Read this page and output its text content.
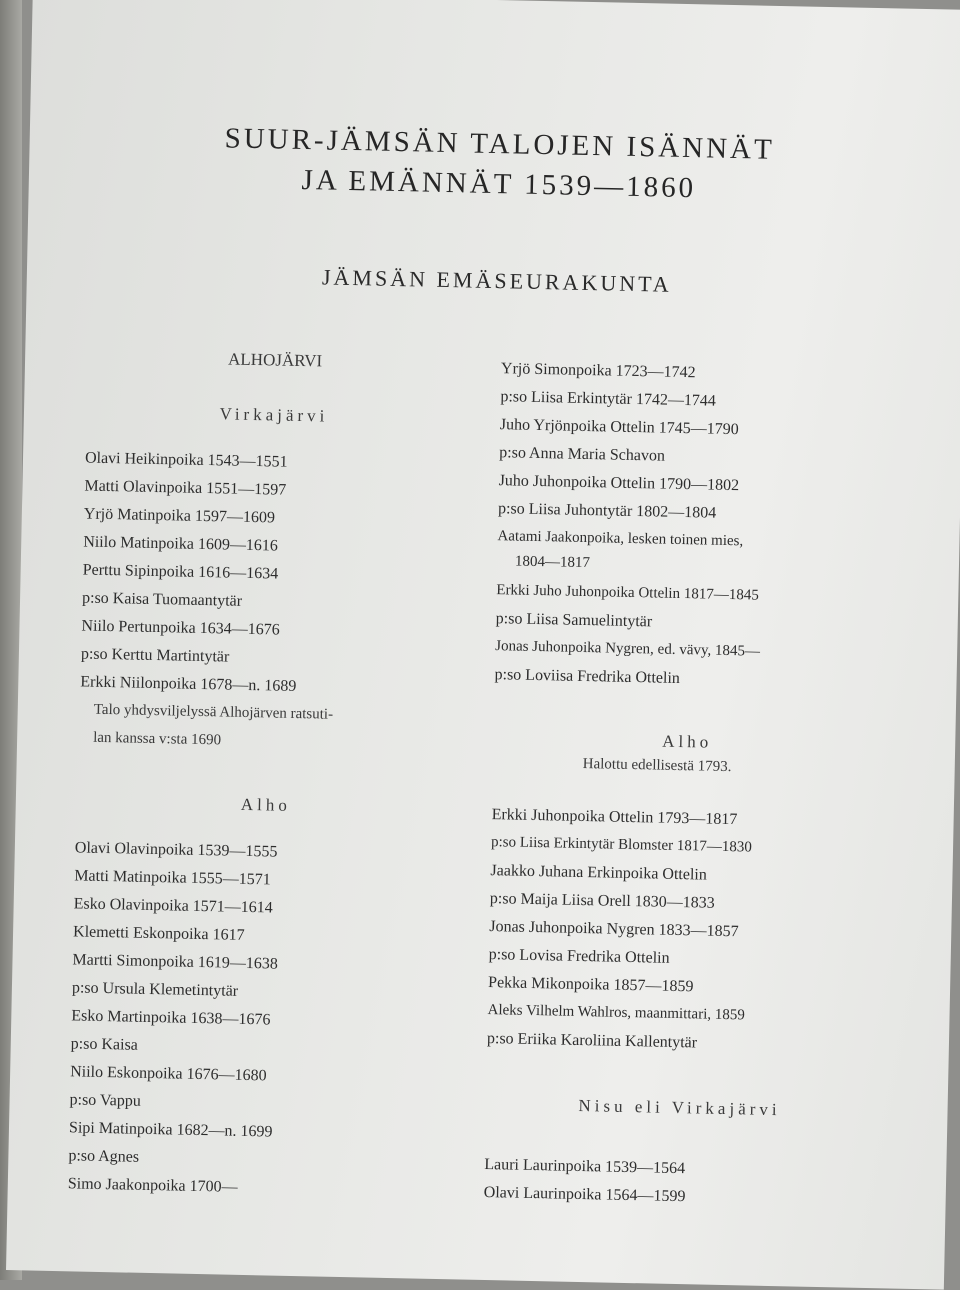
SUUR-JÄMSÄN TALOJEN ISÄNNÄT
JA EMÄNNÄT 1539—1860
JÄMSÄN EMÄSEURAKUNTA
ALHOJÄRVI
Virkajärvi
Olavi Heikinpoika 1543—1551
Matti Olavinpoika 1551—1597
Yrjö Matinpoika 1597—1609
Niilo Matinpoika 1609—1616
Perttu Sipinpoika 1616—1634
p:so Kaisa Tuomaantytär
Niilo Pertunpoika 1634—1676
p:so Kerttu Martintytär
Erkki Niilonpoika 1678—n. 1689
Talo yhdysviljelyssä Alhojärven ratsuti-
lan kanssa v:sta 1690
Alho
Olavi Olavinpoika 1539—1555
Matti Matinpoika 1555—1571
Esko Olavinpoika 1571—1614
Klemetti Eskonpoika 1617
Martti Simonpoika 1619—1638
p:so Ursula Klemetintytär
Esko Martinpoika 1638—1676
p:so Kaisa
Niilo Eskonpoika 1676—1680
p:so Vappu
Sipi Matinpoika 1682—n. 1699
p:so Agnes
Simo Jaakonpoika 1700—
Yrjö Simonpoika 1723—1742
p:so Liisa Erkintytär 1742—1744
Juho Yrjönpoika Ottelin 1745—1790
p:so Anna Maria Schavon
Juho Juhonpoika Ottelin 1790—1802
p:so Liisa Juhontytär 1802—1804
Aatami Jaakonpoika, lesken toinen mies,
1804—1817
Erkki Juho Juhonpoika Ottelin 1817—1845
p:so Liisa Samuelintytär
Jonas Juhonpoika Nygren, ed. vävy, 1845—
p:so Loviisa Fredrika Ottelin
Alho
Halottu edellisestä 1793.
Erkki Juhonpoika Ottelin 1793—1817
p:so Liisa Erkintytär Blomster 1817—1830
Jaakko Juhana Erkinpoika Ottelin
p:so Maija Liisa Orell 1830—1833
Jonas Juhonpoika Nygren 1833—1857
p:so Lovisa Fredrika Ottelin
Pekka Mikonpoika 1857—1859
Aleks Vilhelm Wahlros, maanmittari, 1859
p:so Eriika Karoliina Kallentytär
Nisu eli Virkajärvi
Lauri Laurinpoika 1539—1564
Olavi Laurinpoika 1564—1599
